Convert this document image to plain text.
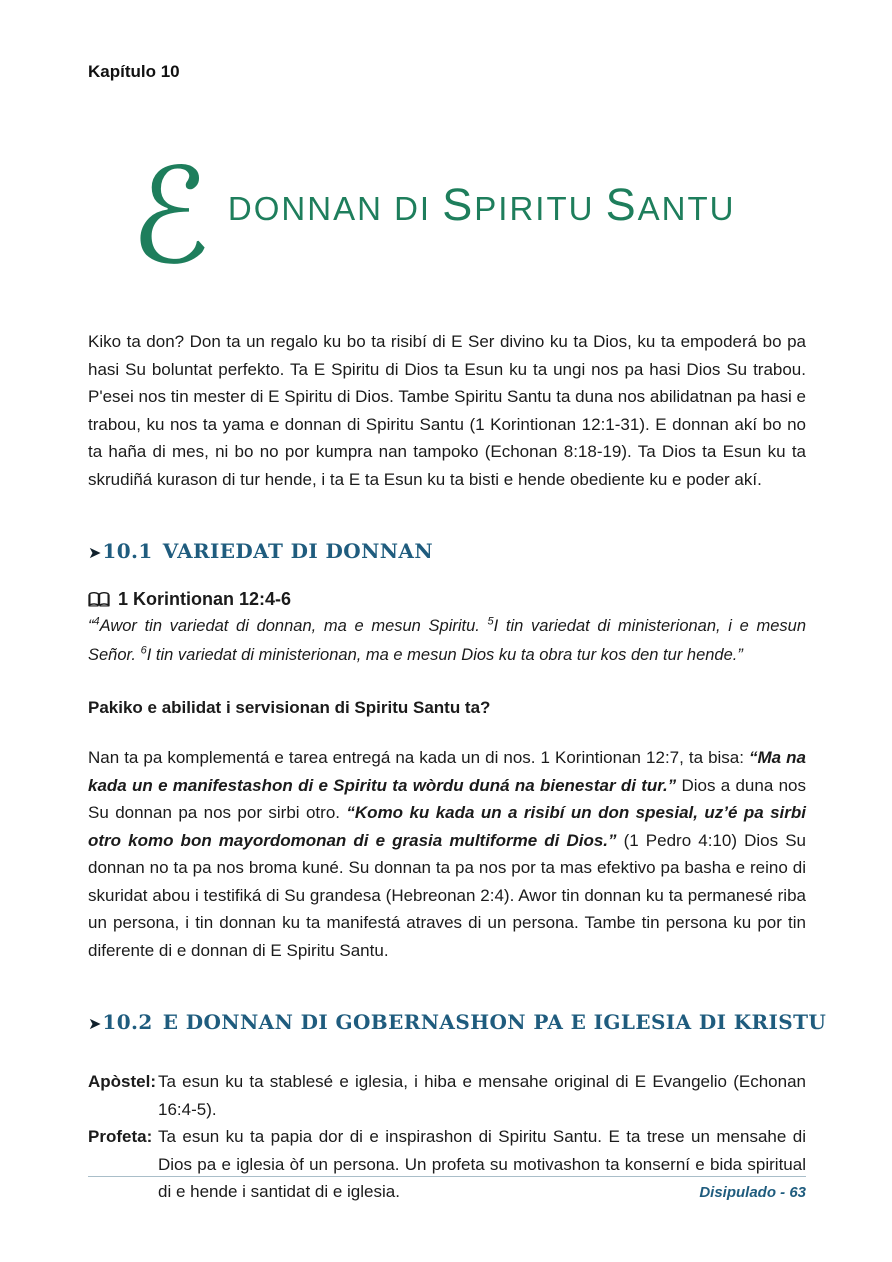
Kapítulo 10
ℰ DONNAN DI SPIRITU SANTU

Kiko ta don? Don ta un regalo ku bo ta risibí di E Ser divino ku ta Dios, ku ta empoderá bo pa hasi Su boluntat perfekto. Ta E Spiritu di Dios ta Esun ku ta ungi nos pa hasi Dios Su trabou. P'esei nos tin mester di E Spiritu di Dios. Tambe Spiritu Santu ta duna nos abilidatnan pa hasi e trabou, ku nos ta yama e donnan di Spiritu Santu (1 Korintionan 12:1-31). E donnan akí bo no ta haña di mes, ni bo no por kumpra nan tampoko (Echonan 8:18-19). Ta Dios ta Esun ku ta skrudiñá kurason di tur hende, i ta E ta Esun ku ta bisti e hende obediente ku e poder akí.

➤10.1 VARIEDAT DI DONNAN
1 Korintionan 12:4-6

“$^4$Awor tin variedat di donnan, ma e mesun Spiritu. $^5$I tin variedat di ministerionan, i e mesun Señor. $^6$I tin variedat di ministerionan, ma e mesun Dios ku ta obra tur kos den tur hende.”

Pakiko e abilidat i servisionan di Spiritu Santu ta?

Nan ta pa komplementá e tarea entregá na kada un di nos. 1 Korintionan 12:7, ta bisa: “Ma na kada un e manifestashon di e Spiritu ta wòrdu duná na bienestar di tur.” Dios a duna nos Su donnan pa nos por sirbi otro. “Komo ku kada un a risibí un don spesial, uz’é pa sirbi otro komo bon mayordomonan di e grasia multiforme di Dios.” (1 Pedro 4:10) Dios Su donnan no ta pa nos broma kuné. Su donnan ta pa nos por ta mas efektivo pa basha e reino di skuridat abou i testifiká di Su grandesa (Hebreonan 2:4). Awor tin donnan ku ta permanesé riba un persona, i tin donnan ku ta manifestá atraves di un persona. Tambe tin persona ku por tin diferente di e donnan di E Spiritu Santu.

➤10.2 E DONNAN DI GOBERNASHON PA E IGLESIA DI KRISTU
Apòstel: Ta esun ku ta stablesé e iglesia, i hiba e mensahe original di E Evangelio (Echonan 16:4-5).
Profeta: Ta esun ku ta papia dor di e inspirashon di Spiritu Santu. E ta trese un mensahe di Dios pa e iglesia òf un persona. Un profeta su motivashon ta konserní e bida spiritual di e hende i santidat di e iglesia.	Disipulado - 63
